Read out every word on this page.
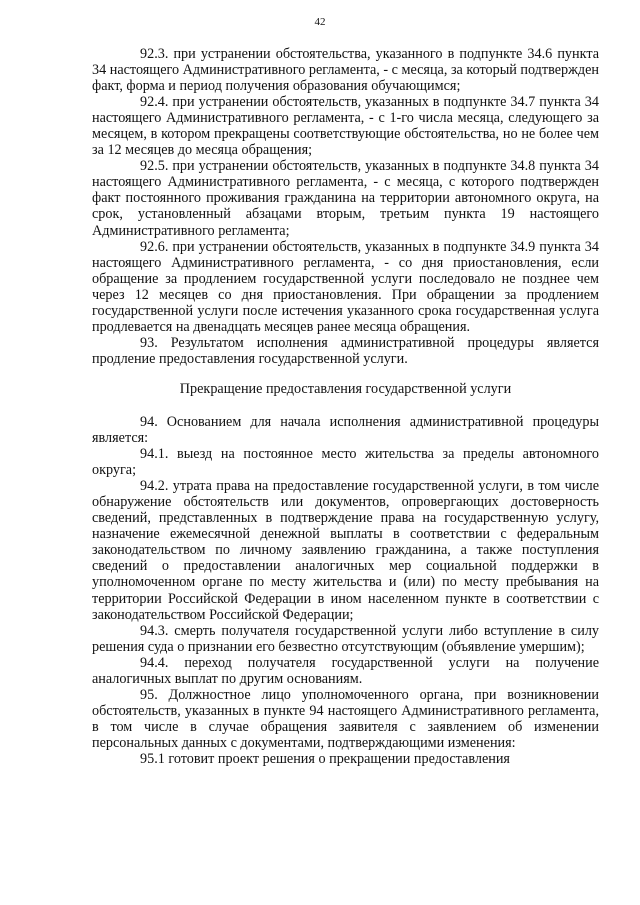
42

92.3. при устранении обстоятельства, указанного в подпункте 34.6 пункта 34 настоящего Административного регламента, - с месяца, за который подтвержден факт, форма и период получения образования обучающимся;

92.4. при устранении обстоятельств, указанных в подпункте 34.7 пункта 34 настоящего Административного регламента, - с 1-го числа месяца, следующего за месяцем, в котором прекращены соответствующие обстоятельства, но не более чем за 12 месяцев до месяца обращения;

92.5. при устранении обстоятельств, указанных в подпункте 34.8 пункта 34 настоящего Административного регламента, - с месяца, с которого подтвержден факт постоянного проживания гражданина на территории автономного округа, на срок, установленный абзацами вторым, третьим пункта 19 настоящего Административного регламента;

92.6. при устранении обстоятельств, указанных в подпункте 34.9 пункта 34 настоящего Административного регламента, - со дня приостановления, если обращение за продлением государственной услуги последовало не позднее чем через 12 месяцев со дня приостановления. При обращении за продлением государственной услуги после истечения указанного срока государственная услуга продлевается на двенадцать месяцев ранее месяца обращения.

93. Результатом исполнения административной процедуры является продление предоставления государственной услуги.

Прекращение предоставления государственной услуги

94. Основанием для начала исполнения административной процедуры является:

94.1. выезд на постоянное место жительства за пределы автономного округа;

94.2. утрата права на предоставление государственной услуги, в том числе обнаружение обстоятельств или документов, опровергающих достоверность сведений, представленных в подтверждение права на государственную услугу, назначение ежемесячной денежной выплаты в соответствии с федеральным законодательством по личному заявлению гражданина, а также поступления сведений о предоставлении аналогичных мер социальной поддержки в уполномоченном органе по месту жительства и (или) по месту пребывания на территории Российской Федерации в ином населенном пункте в соответствии с законодательством Российской Федерации;

94.3. смерть получателя государственной услуги либо вступление в силу решения суда о признании его безвестно отсутствующим (объявление умершим);

94.4. переход получателя государственной услуги на получение аналогичных выплат по другим основаниям.

95. Должностное лицо уполномоченного органа, при возникновении обстоятельств, указанных в пункте 94 настоящего Административного регламента, в том числе в случае обращения заявителя с заявлением об изменении персональных данных с документами, подтверждающими изменения:

95.1 готовит проект решения о прекращении предоставления
